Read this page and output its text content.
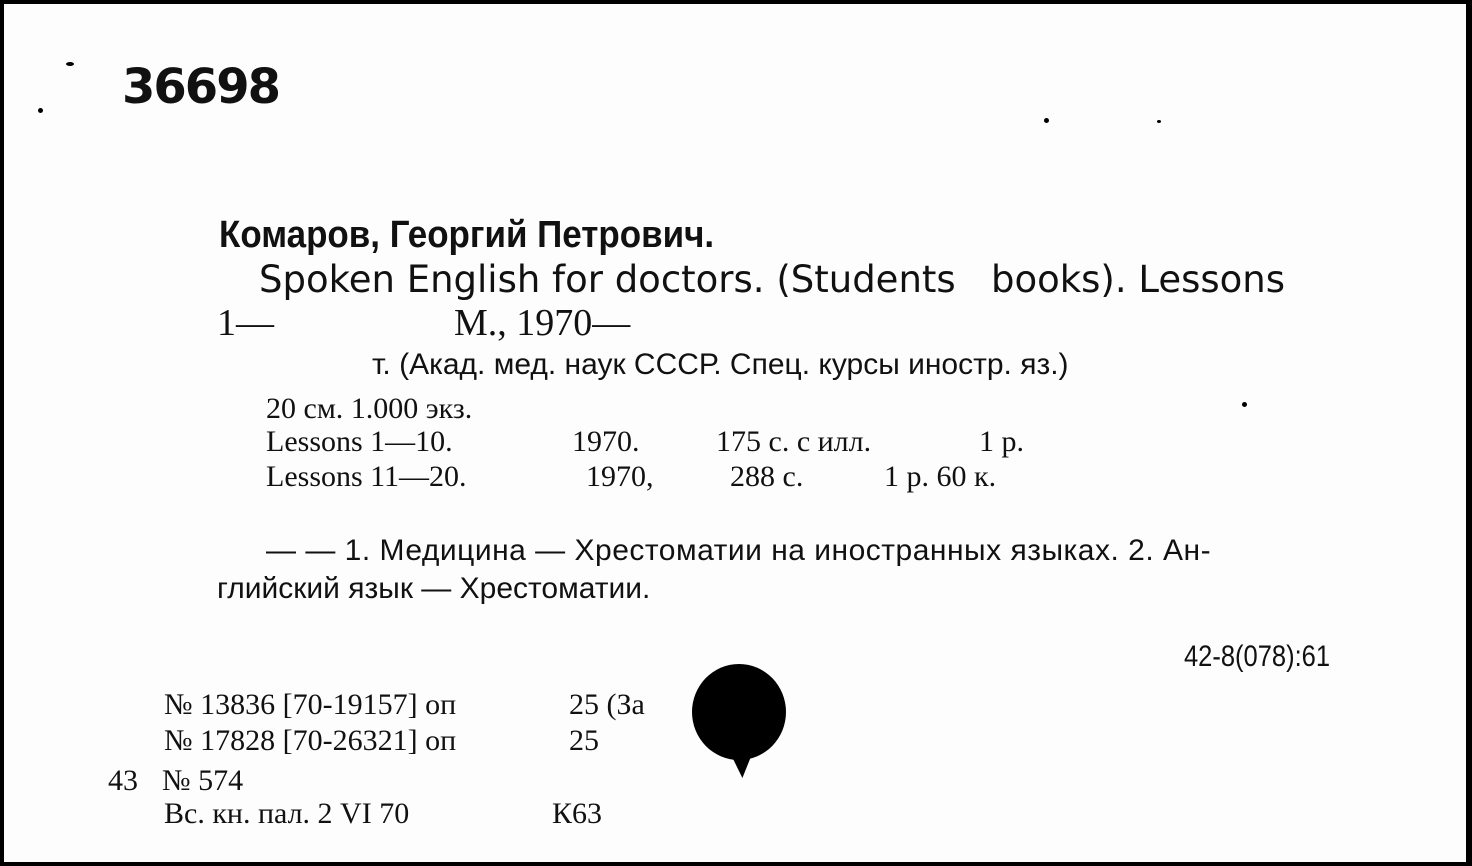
36698
Комаров, Георгий Петрович.
Spoken English for doctors. (Students   books). Lessons
1—	M., 1970—
т. (Акад. мед. наук СССР. Спец. курсы иностр. яз.)
20 см. 1.000 экз.
Lessons 1—10.	1970.	175 с. с илл.	1 р.
Lessons 11—20.	1970,	288 с.	1 р. 60 к.
— — 1. Медицина — Хрестоматии на иностранных языках. 2. Ан-
глийский язык — Хрестоматии.
42-8(078):61
№ 13836 [70-19157] оп	25 (За
№ 17828 [70-26321] оп	25
43 № 574
Вс. кн. пал. 2 VI 70	К63
